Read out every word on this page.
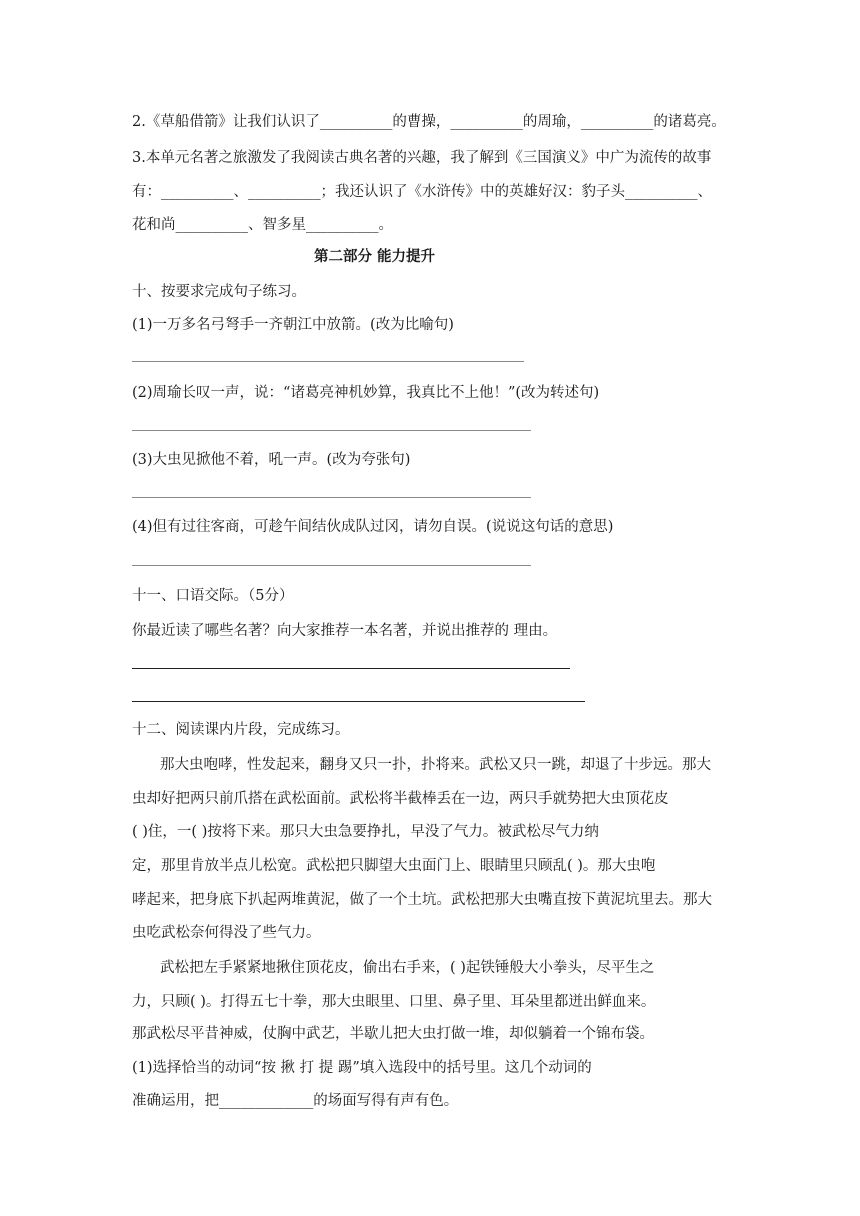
2.《草船借箭》让我们认识了__________的曹操，__________的周瑜，__________的诸葛亮。
3.本单元名著之旅激发了我阅读古典名著的兴趣，我了解到《三国演义》中广为流传的故事
有：__________、__________；我还认识了《水浒传》中的英雄好汉：豹子头__________、
花和尚__________、智多星__________。
第二部分 能力提升
十、按要求完成句子练习。
(1)一万多名弓弩手一齐朝江中放箭。(改为比喻句)
(2)周瑜长叹一声，说：“诸葛亮神机妙算，我真比不上他！”(改为转述句)
(3)大虫见掀他不着，吼一声。(改为夸张句)
(4)但有过往客商，可趁午间结伙成队过冈，请勿自误。(说说这句话的意思)
十一、口语交际。（5分）
你最近读了哪些名著？向大家推荐一本名著，并说出推荐的 理由。
十二、阅读课内片段，完成练习。
那大虫咆哮，性发起来，翻身又只一扑，扑将来。武松又只一跳，却退了十步远。那大
虫却好把两只前爪搭在武松面前。武松将半截棒丢在一边，两只手就势把大虫顶花皮
( )住，一( )按将下来。那只大虫急要挣扎，早没了气力。被武松尽气力纳
定，那里肯放半点儿松宽。武松把只脚望大虫面门上、眼睛里只顾乱( )。那大虫咆
哮起来，把身底下扒起两堆黄泥，做了一个土坑。武松把那大虫嘴直按下黄泥坑里去。那大
虫吃武松奈何得没了些气力。
武松把左手紧紧地揪住顶花皮，偷出右手来，( )起铁锤般大小拳头，尽平生之
力，只顾( )。打得五七十拳，那大虫眼里、口里、鼻子里、耳朵里都迸出鲜血来。
那武松尽平昔神威，仗胸中武艺，半歇儿把大虫打做一堆，却似躺着一个锦布袋。
(1)选择恰当的动词“按 揪 打 提 踢”填入选段中的括号里。这几个动词的
准确运用，把_____________的场面写得有声有色。
